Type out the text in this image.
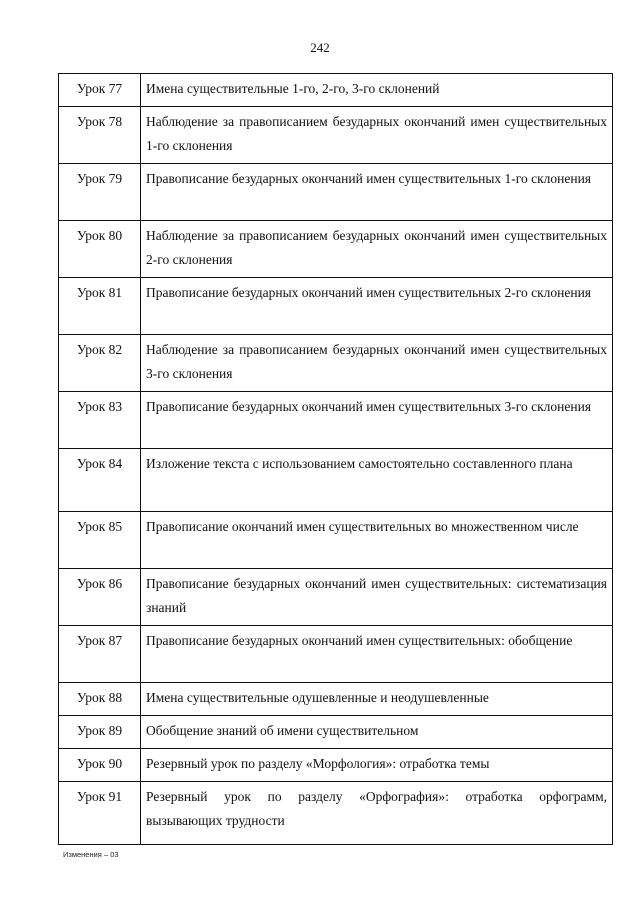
242
Урок 77	Имена существительные 1-го, 2-го, 3-го склонений
Урок 78	Наблюдение за правописанием безударных окончаний имен существительных 1-го склонения
Урок 79	Правописание безударных окончаний имен существительных 1-го склонения
Урок 80	Наблюдение за правописанием безударных окончаний имен существительных 2-го склонения
Урок 81	Правописание безударных окончаний имен существительных 2-го склонения
Урок 82	Наблюдение за правописанием безударных окончаний имен существительных 3-го склонения
Урок 83	Правописание безударных окончаний имен существительных 3-го склонения
Урок 84	Изложение текста с использованием самостоятельно составленного плана
Урок 85	Правописание окончаний имен существительных во множественном числе
Урок 86	Правописание безударных окончаний имен существительных: систематизация знаний
Урок 87	Правописание безударных окончаний имен существительных: обобщение
Урок 88	Имена существительные одушевленные и неодушевленные
Урок 89	Обобщение знаний об имени существительном
Урок 90	Резервный урок по разделу «Морфология»: отработка темы
Урок 91	Резервный урок по разделу «Орфография»: отработка орфограмм, вызывающих трудности
Изменения – 03
